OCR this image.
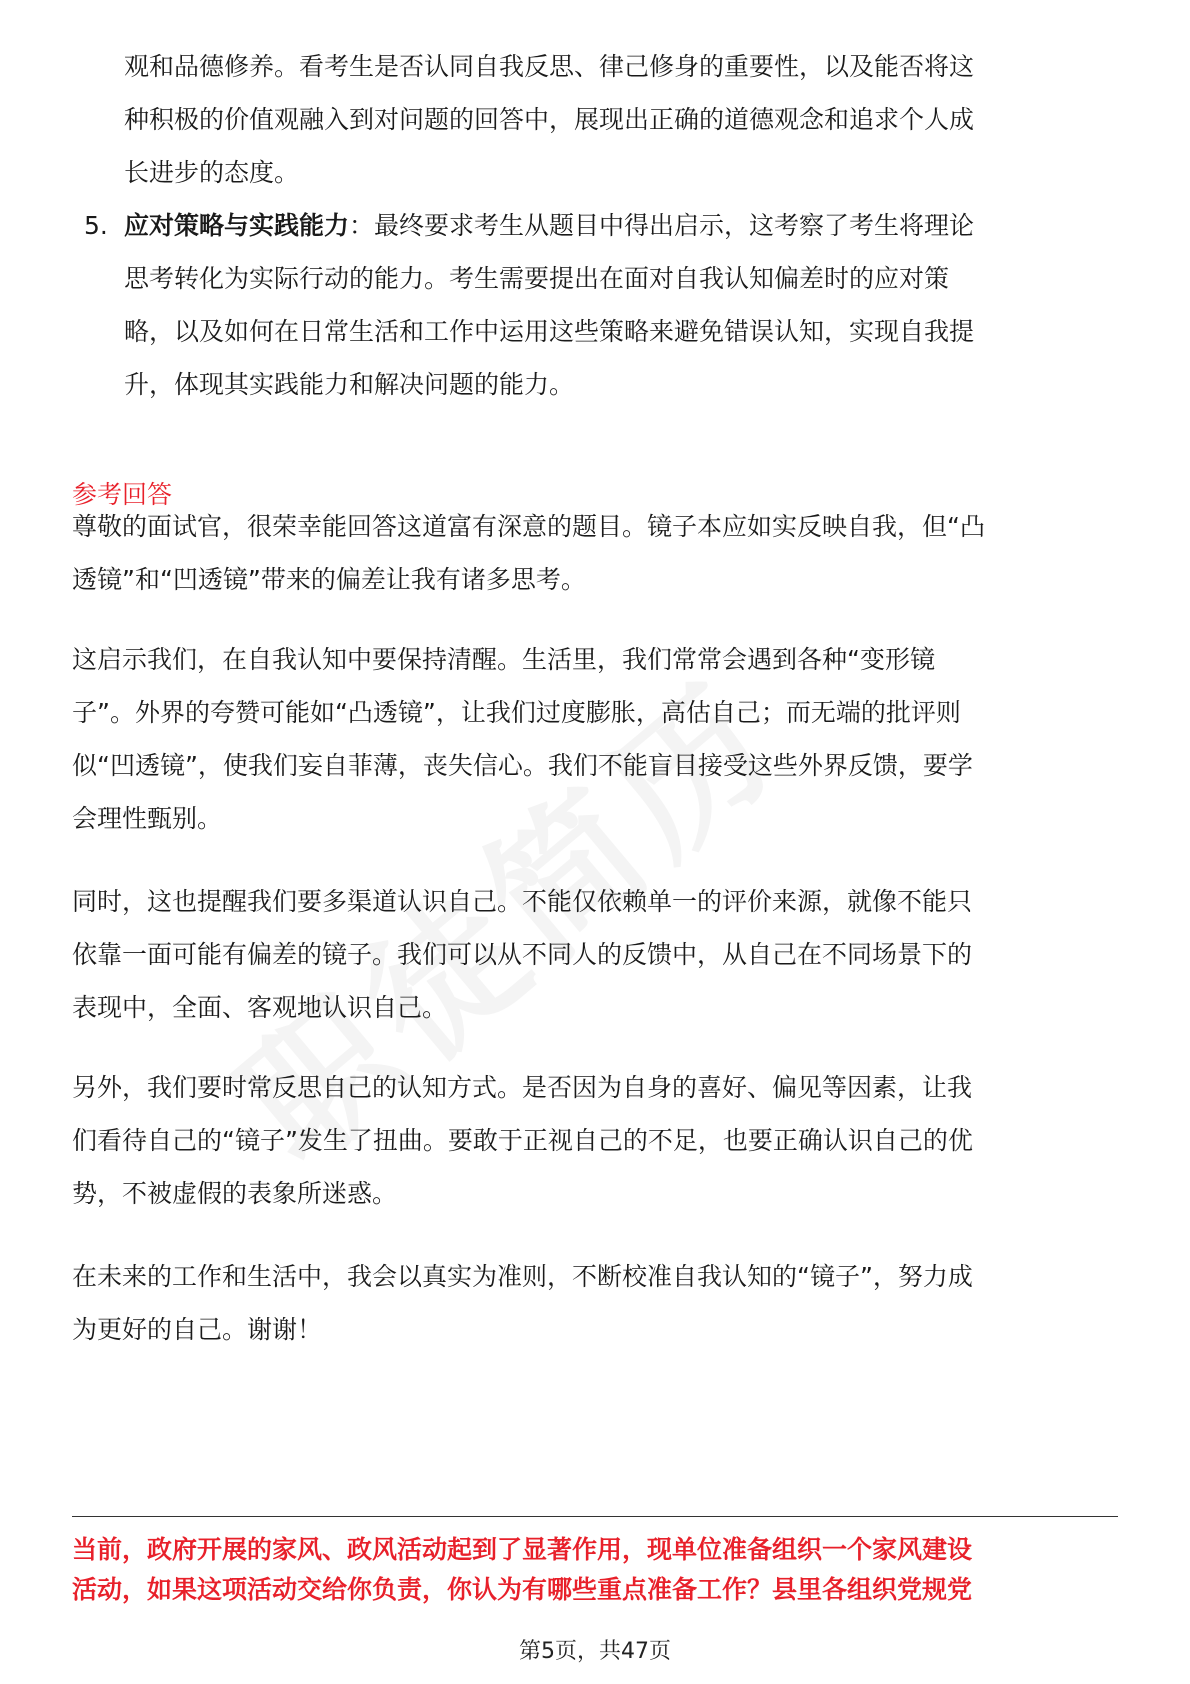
观和品德修养。看考生是否认同自我反思、律己修身的重要性，以及能否将这
种积极的价值观融入到对问题的回答中，展现出正确的道德观念和追求个人成
长进步的态度。
5. 应对策略与实践能力：最终要求考生从题目中得出启示，这考察了考生将理论
思考转化为实际行动的能力。考生需要提出在面对自我认知偏差时的应对策
略，以及如何在日常生活和工作中运用这些策略来避免错误认知，实现自我提
升，体现其实践能力和解决问题的能力。
参考回答
尊敬的面试官，很荣幸能回答这道富有深意的题目。镜子本应如实反映自我，但“凸
透镜”和“凹透镜”带来的偏差让我有诸多思考。
这启示我们，在自我认知中要保持清醒。生活里，我们常常会遇到各种“变形镜
子”。外界的夸赞可能如“凸透镜”，让我们过度膨胀，高估自己；而无端的批评则
似“凹透镜”，使我们妄自菲薄，丧失信心。我们不能盲目接受这些外界反馈，要学
会理性甄别。
同时，这也提醒我们要多渠道认识自己。不能仅依赖单一的评价来源，就像不能只
依靠一面可能有偏差的镜子。我们可以从不同人的反馈中，从自己在不同场景下的
表现中，全面、客观地认识自己。
另外，我们要时常反思自己的认知方式。是否因为自身的喜好、偏见等因素，让我
们看待自己的“镜子”发生了扭曲。要敢于正视自己的不足，也要正确认识自己的优
势，不被虚假的表象所迷惑。
在未来的工作和生活中，我会以真实为准则，不断校准自我认知的“镜子”，努力成
为更好的自己。谢谢！
当前，政府开展的家风、政风活动起到了显著作用，现单位准备组织一个家风建设
活动，如果这项活动交给你负责，你认为有哪些重点准备工作？县里各组织党规党
第5页，共47页
